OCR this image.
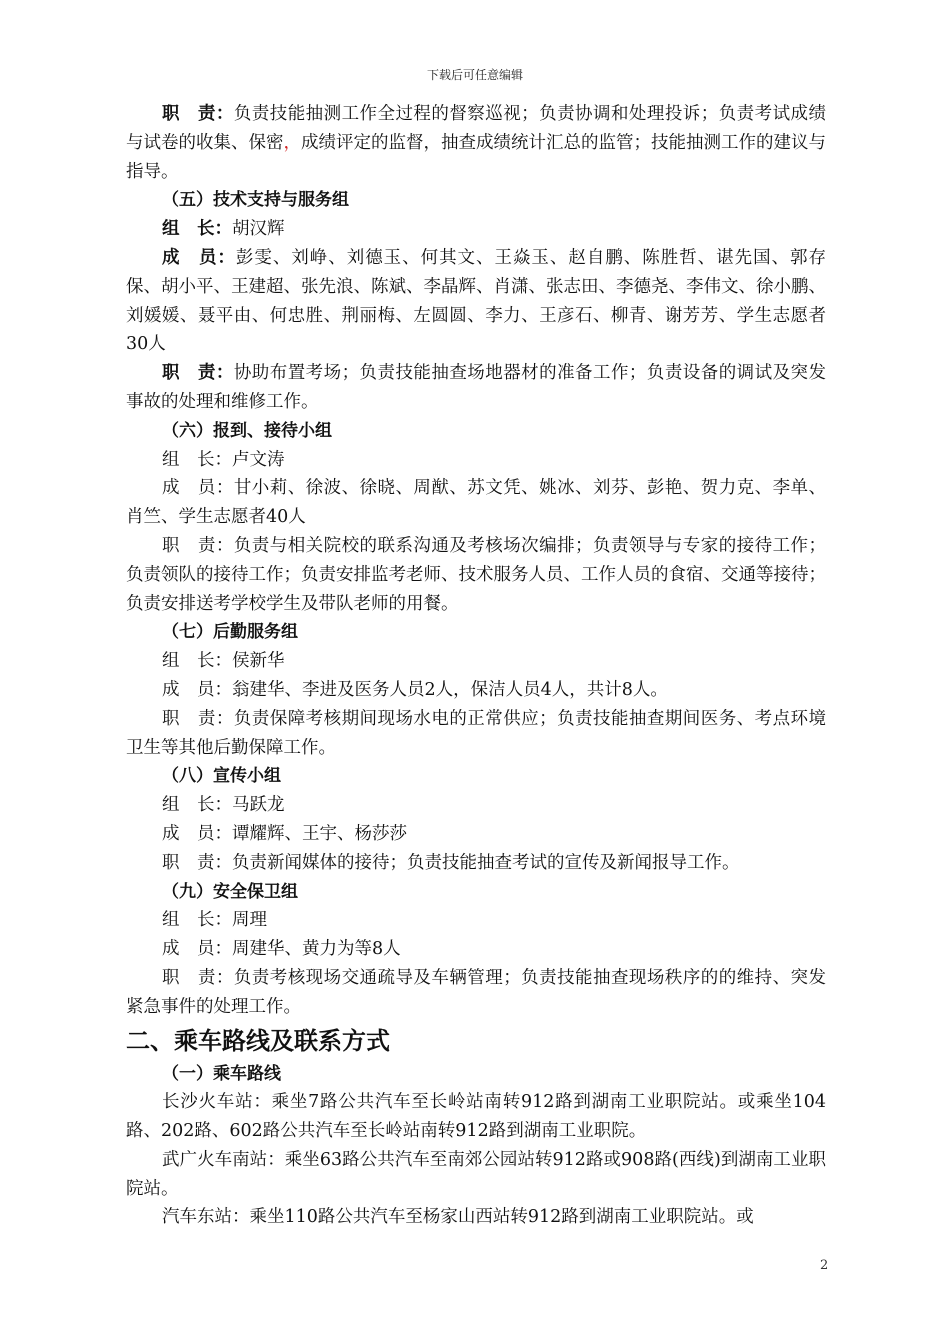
下载后可任意编辑

职　责：负责技能抽测工作全过程的督察巡视；负责协调和处理投诉；负责考试成绩与试卷的收集、保密，成绩评定的监督，抽查成绩统计汇总的监管；技能抽测工作的建议与指导。

（五）技术支持与服务组

组　长：胡汉辉

成　员：彭雯、刘峥、刘德玉、何其文、王焱玉、赵自鹏、陈胜哲、谌先国、郭存保、胡小平、王建超、张先浪、陈斌、李晶辉、肖潇、张志田、李德尧、李伟文、徐小鹏、刘媛媛、聂平由、何忠胜、荆丽梅、左圆圆、李力、王彦石、柳青、谢芳芳、学生志愿者30人

职　责：协助布置考场；负责技能抽查场地器材的准备工作；负责设备的调试及突发事故的处理和维修工作。

（六）报到、接待小组

组　长：卢文涛

成　员：甘小莉、徐波、徐晓、周猷、苏文凭、姚冰、刘芬、彭艳、贺力克、李单、肖竺、学生志愿者40人

职　责：负责与相关院校的联系沟通及考核场次编排；负责领导与专家的接待工作；负责领队的接待工作；负责安排监考老师、技术服务人员、工作人员的食宿、交通等接待；负责安排送考学校学生及带队老师的用餐。

（七）后勤服务组

组　长：侯新华

成　员：翁建华、李进及医务人员2人，保洁人员4人，共计8人。

职　责：负责保障考核期间现场水电的正常供应；负责技能抽查期间医务、考点环境卫生等其他后勤保障工作。

（八）宣传小组

组　长：马跃龙

成　员：谭耀辉、王宇、杨莎莎

职　责：负责新闻媒体的接待；负责技能抽查考试的宣传及新闻报导工作。

（九）安全保卫组

组　长：周理

成　员：周建华、黄力为等8人

职　责：负责考核现场交通疏导及车辆管理；负责技能抽查现场秩序的的维持、突发紧急事件的处理工作。

二、乘车路线及联系方式

（一）乘车路线

长沙火车站：乘坐7路公共汽车至长岭站南转912路到湖南工业职院站。或乘坐104路、202路、602路公共汽车至长岭站南转912路到湖南工业职院。

武广火车南站：乘坐63路公共汽车至南郊公园站转912路或908路(西线)到湖南工业职院站。

汽车东站：乘坐110路公共汽车至杨家山西站转912路到湖南工业职院站。或

2
